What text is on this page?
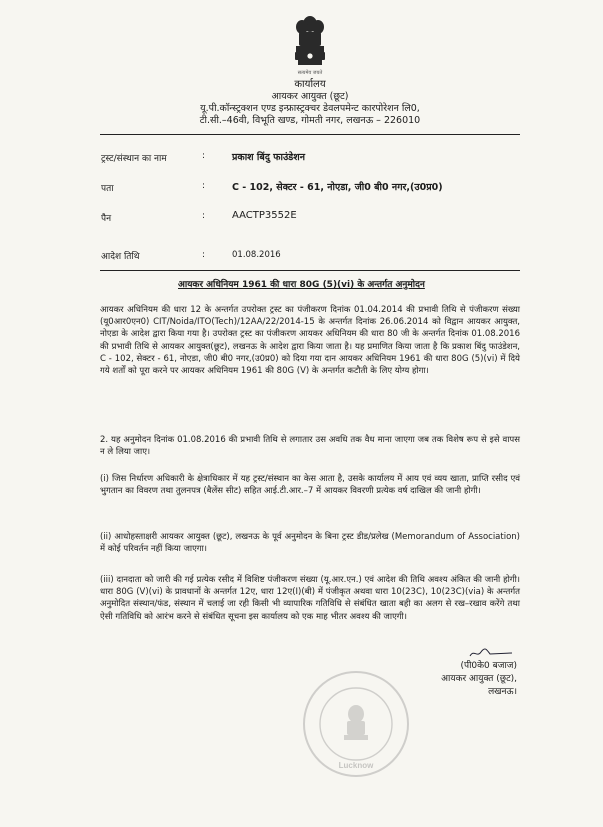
सत्यमेव जयते
कार्यालय
आयकर आयुक्त (छूट)
यू.पी.कॉन्स्ट्रक्शन एण्ड इन्फ्रास्ट्रक्चर डेवलपमेन्ट कारपोरेशन लि0,
टी.सी.–46वी, विभूति खण्ड, गोमती नगर, लखनऊ – 226010
ट्रस्ट/संस्थान का नाम	:	प्रकाश बिंदु फाउंडेशन
पता	:	C - 102, सेक्टर - 61, नोएडा, जी0 बी0 नगर,(उ0प्र0)
पैन	:	AACTP3552E
आदेश तिथि	:	01.08.2016
आयकर अधिनियम 1961 की धारा 80G (5)(vi) के अन्तर्गत अनुमोदन
आयकर अधिनियम की धारा 12 के अन्तर्गत उपरोक्त ट्रस्ट का पंजीकरण दिनांक 01.04.2014 की प्रभावी तिथि से पंजीकरण संख्या (यू0आर0एन0) CIT/Noida/ITO(Tech)/12AA/22/2014-15 के अन्तर्गत दिनांक 26.06.2014 को विद्वान आयकर आयुक्त, नोएडा के आदेश द्वारा किया गया है। उपरोक्त ट्रस्ट का पंजीकरण आयकर अधिनियम की धारा 80 जी के अन्तर्गत दिनांक 01.08.2016 की प्रभावी तिथि से आयकर आयुक्त(छूट), लखनऊ के आदेश द्वारा किया जाता है। यह प्रमाणित किया जाता है कि प्रकाश बिंदु फाउंडेशन, C - 102, सेक्टर - 61, नोएडा, जी0 बी0 नगर,(उ0प्र0) को दिया गया दान आयकर अधिनियम 1961 की धारा 80G (5)(vi) में दिये गये शर्तों को पूरा करने पर आयकर अधिनियम 1961 की 80G (V) के अन्तर्गत कटौती के लिए योग्य होगा।
2. यह अनुमोदन दिनांक 01.08.2016 की प्रभावी तिथि से लगातार उस अवधि तक वैध माना जाएगा जब तक विशेष रूप से इसे वापस न ले लिया जाए।
(i) जिस निर्धारण अधिकारी के क्षेत्राधिकार में यह ट्रस्ट/संस्थान का केस आता है, उसके कार्यालय में आय एवं व्यय खाता, प्राप्ति रसीद एवं भुगतान का विवरण तथा तुलनपत्र (बैलेंस सीट) सहित आई.टी.आर.–7 में आयकर विवरणी प्रत्येक वर्ष दाखिल की जानी होगी।
(ii) आधोहस्ताक्षरी आयकर आयुक्त (छूट), लखनऊ के पूर्व अनुमोदन के बिना ट्रस्ट डीड/प्रलेख (Memorandum of Association) में कोई परिवर्तन नहीं किया जाएगा।
(iii) दानदाता को जारी की गई प्रत्येक रसीद में विशिष्ट पंजीकरण संख्या (यू.आर.एन.) एवं आदेश की तिथि अवश्य अंकित की जानी होगी। धारा 80G (V)(vi) के प्रावधानों के अन्तर्गत 12ए, धारा 12ए(I)(बी) में पंजीकृत अथवा धारा 10(23C), 10(23C)(via) के अन्तर्गत अनुमोदित संस्थान/फंड, संस्थान में चलाई जा रही किसी भी व्यापारिक गतिविधि से संबंधित खाता बही का अलग से रख–रखाव करेंगे तथा ऐसी गतिविधि को आरंभ करने से संबंधित सूचना इस कार्यालय को एक माह भीतर अवश्य की जाएगी।
(पी0के0 बजाज)
आयकर आयुक्त (छूट),
लखनऊ।
Lucknow
